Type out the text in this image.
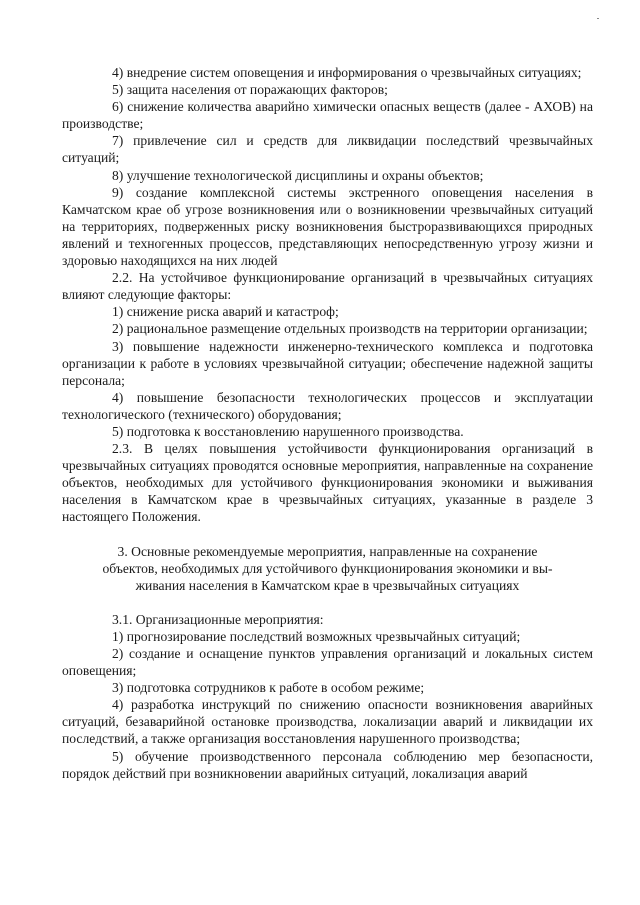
4) внедрение систем оповещения и информирования о чрезвычайных ситуациях;

5) защита населения от поражающих факторов;

6) снижение количества аварийно химически опасных веществ (далее - АХОВ) на производстве;

7) привлечение сил и средств для ликвидации последствий чрезвычайных ситуаций;

8) улучшение технологической дисциплины и охраны объектов;

9) создание комплексной системы экстренного оповещения населения в Камчатском крае об угрозе возникновения или о возникновении чрезвычайных ситуаций на территориях, подверженных риску возникновения быстроразвивающихся природных явлений и техногенных процессов, представляющих непосредственную угрозу жизни и здоровью находящихся на них людей

2.2. На устойчивое функционирование организаций в чрезвычайных ситуациях влияют следующие факторы:

1) снижение риска аварий и катастроф;

2) рациональное размещение отдельных производств на территории организации;

3) повышение надежности инженерно-технического комплекса и подготовка организации к работе в условиях чрезвычайной ситуации; обеспечение надежной защиты персонала;

4) повышение безопасности технологических процессов и эксплуатации технологического (технического) оборудования;

5) подготовка к восстановлению нарушенного производства.

2.3. В целях повышения устойчивости функционирования организаций в чрезвычайных ситуациях проводятся основные мероприятия, направленные на сохранение объектов, необходимых для устойчивого функционирования экономики и выживания населения в Камчатском крае в чрезвычайных ситуациях, указанные в разделе 3 настоящего Положения.

3. Основные рекомендуемые мероприятия, направленные на сохранение
объектов, необходимых для устойчивого функционирования экономики и вы-
живания населения в Камчатском крае в чрезвычайных ситуациях

3.1. Организационные мероприятия:

1) прогнозирование последствий возможных чрезвычайных ситуаций;

2) создание и оснащение пунктов управления организаций и локальных систем оповещения;

3) подготовка сотрудников к работе в особом режиме;

4) разработка инструкций по снижению опасности возникновения аварийных ситуаций, безаварийной остановке производства, локализации аварий и ликвидации их последствий, а также организация восстановления нарушенного производства;

5) обучение производственного персонала соблюдению мер безопасности, порядок действий при возникновении аварийных ситуаций, локализация аварий
